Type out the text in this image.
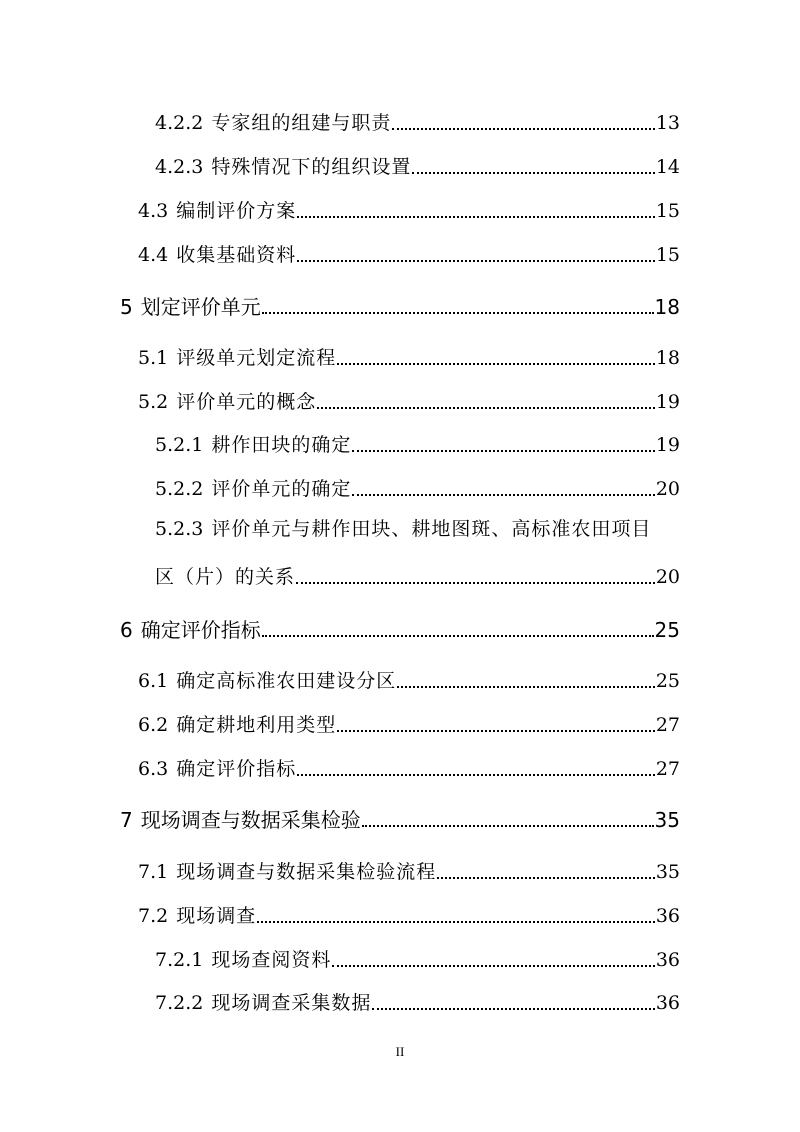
4.2.2 专家组的组建与职责	13
4.2.3 特殊情况下的组织设置	14
4.3 编制评价方案	15
4.4 收集基础资料	15
5 划定评价单元	18
5.1 评级单元划定流程	18
5.2 评价单元的概念	19
5.2.1 耕作田块的确定	19
5.2.2 评价单元的确定	20
5.2.3 评价单元与耕作田块、耕地图斑、高标准农田项目
区（片）的关系	20
6 确定评价指标	25
6.1 确定高标准农田建设分区	25
6.2 确定耕地利用类型	27
6.3 确定评价指标	27
7 现场调查与数据采集检验	35
7.1 现场调查与数据采集检验流程	35
7.2 现场调查	36
7.2.1 现场查阅资料	36
7.2.2 现场调查采集数据	36
II
